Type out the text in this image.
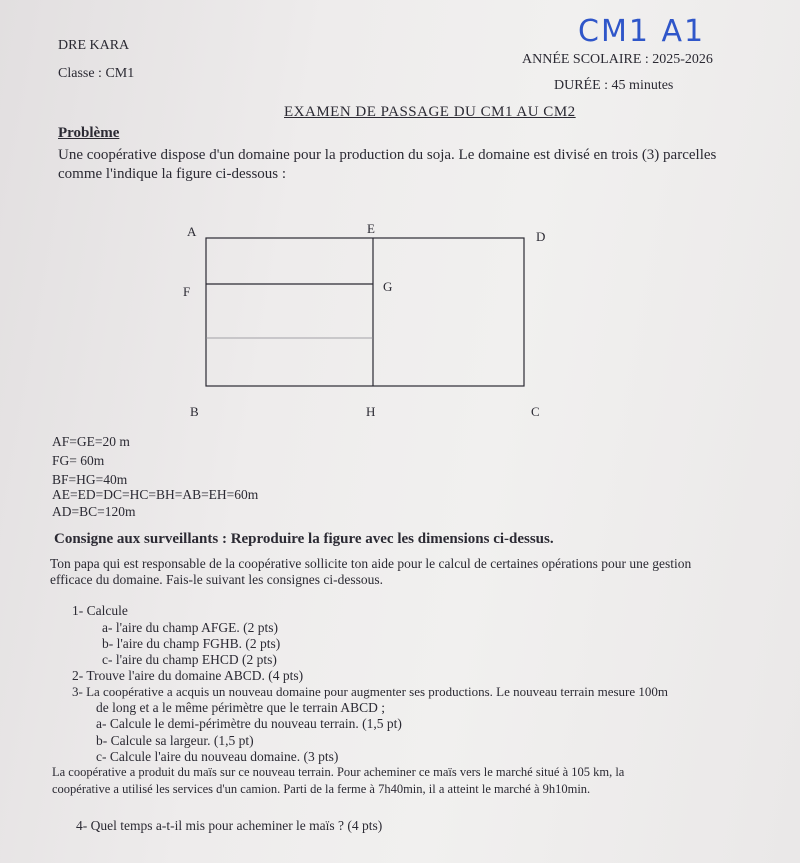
CM1 A1
DRE KARA
Classe : CM1
ANNÉE SCOLAIRE : 2025-2026
DURÉE : 45 minutes
EXAMEN DE PASSAGE DU CM1 AU CM2
Problème
Une coopérative dispose d'un domaine pour la production du soja. Le domaine est divisé en trois (3) parcelles
comme l'indique la figure ci-dessous :
A	E
D
F	G
B	H	C
AF=GE=20 m
FG= 60m
BF=HG=40m
AE=ED=DC=HC=BH=AB=EH=60m
AD=BC=120m
Consigne aux surveillants : Reproduire la figure avec les dimensions ci-dessus.
Ton papa qui est responsable de la coopérative sollicite ton aide pour le calcul de certaines opérations pour une gestion
efficace du domaine. Fais-le suivant les consignes ci-dessous.
1- Calcule
a- l'aire du champ AFGE. (2 pts)
b- l'aire du champ FGHB. (2 pts)
c- l'aire du champ EHCD (2 pts)
2- Trouve l'aire du domaine ABCD. (4 pts)
3- La coopérative a acquis un nouveau domaine pour augmenter ses productions. Le nouveau terrain mesure 100m
de long et a le même périmètre que le terrain ABCD ;
a- Calcule le demi-périmètre du nouveau terrain. (1,5 pt)
b- Calcule sa largeur. (1,5 pt)
c- Calcule l'aire du nouveau domaine. (3 pts)
La coopérative a produit du maïs sur ce nouveau terrain. Pour acheminer ce maïs vers le marché situé à 105 km, la
coopérative a utilisé les services d'un camion. Parti de la ferme à 7h40min, il a atteint le marché à 9h10min.
4- Quel temps a-t-il mis pour acheminer le maïs ? (4 pts)
